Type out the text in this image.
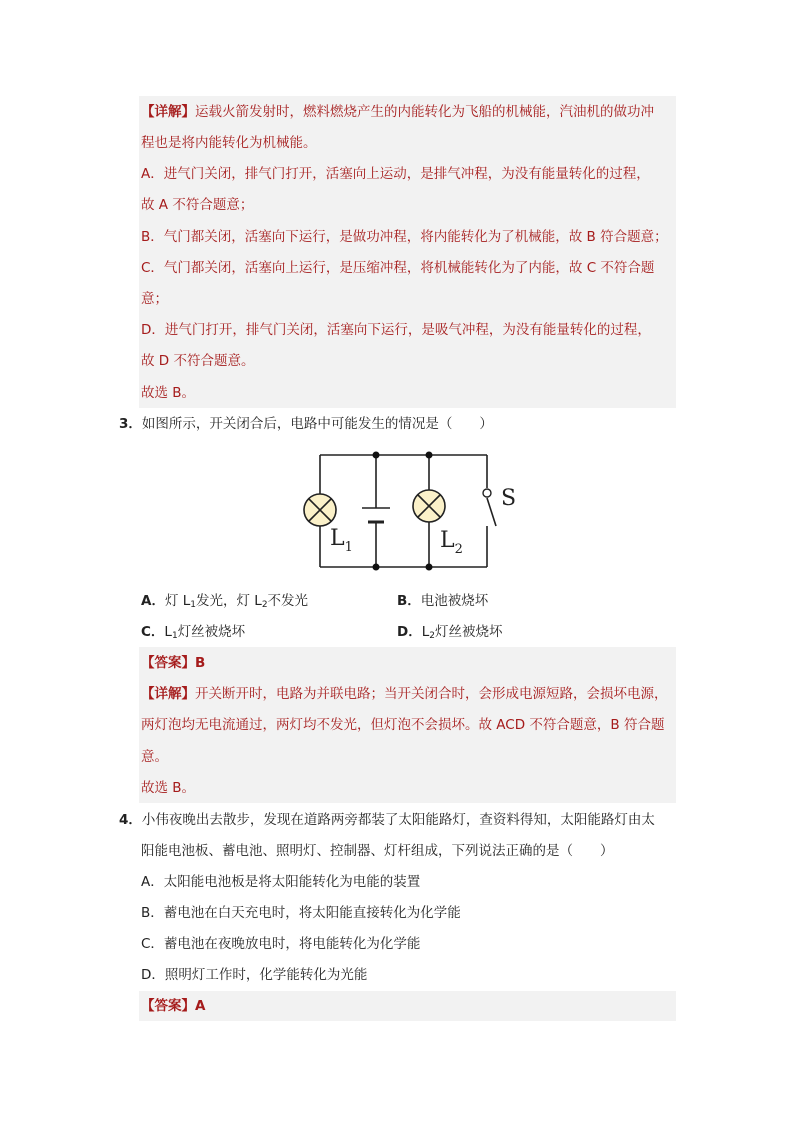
【详解】运载火箭发射时，燃料燃烧产生的内能转化为飞船的机械能，汽油机的做功冲
程也是将内能转化为机械能。
A．进气门关闭，排气门打开，活塞向上运动，是排气冲程，为没有能量转化的过程，
故 A 不符合题意；
B．气门都关闭，活塞向下运行，是做功冲程，将内能转化为了机械能，故 B 符合题意；
C．气门都关闭，活塞向上运行，是压缩冲程，将机械能转化为了内能，故 C 不符合题
意；
D．进气门打开，排气门关闭，活塞向下运行，是吸气冲程，为没有能量转化的过程，
故 D 不符合题意。
故选 B。
3．如图所示，开关闭合后，电路中可能发生的情况是（　　）
$L_1$	$L_2$
S
A．灯 $L_1$发光，灯 $L_2$不发光	B．电池被烧坏
C．$L_1$灯丝被烧坏	D．$L_2$灯丝被烧坏
【答案】B
【详解】开关断开时，电路为并联电路；当开关闭合时，会形成电源短路，会损坏电源，
两灯泡均无电流通过，两灯均不发光，但灯泡不会损坏。故 ACD 不符合题意，B 符合题
意。
故选 B。
4．小伟夜晚出去散步，发现在道路两旁都装了太阳能路灯，查资料得知，太阳能路灯由太
阳能电池板、蓄电池、照明灯、控制器、灯杆组成，下列说法正确的是（　　）
A．太阳能电池板是将太阳能转化为电能的装置
B．蓄电池在白天充电时，将太阳能直接转化为化学能
C．蓄电池在夜晚放电时，将电能转化为化学能
D．照明灯工作时，化学能转化为光能
【答案】A
